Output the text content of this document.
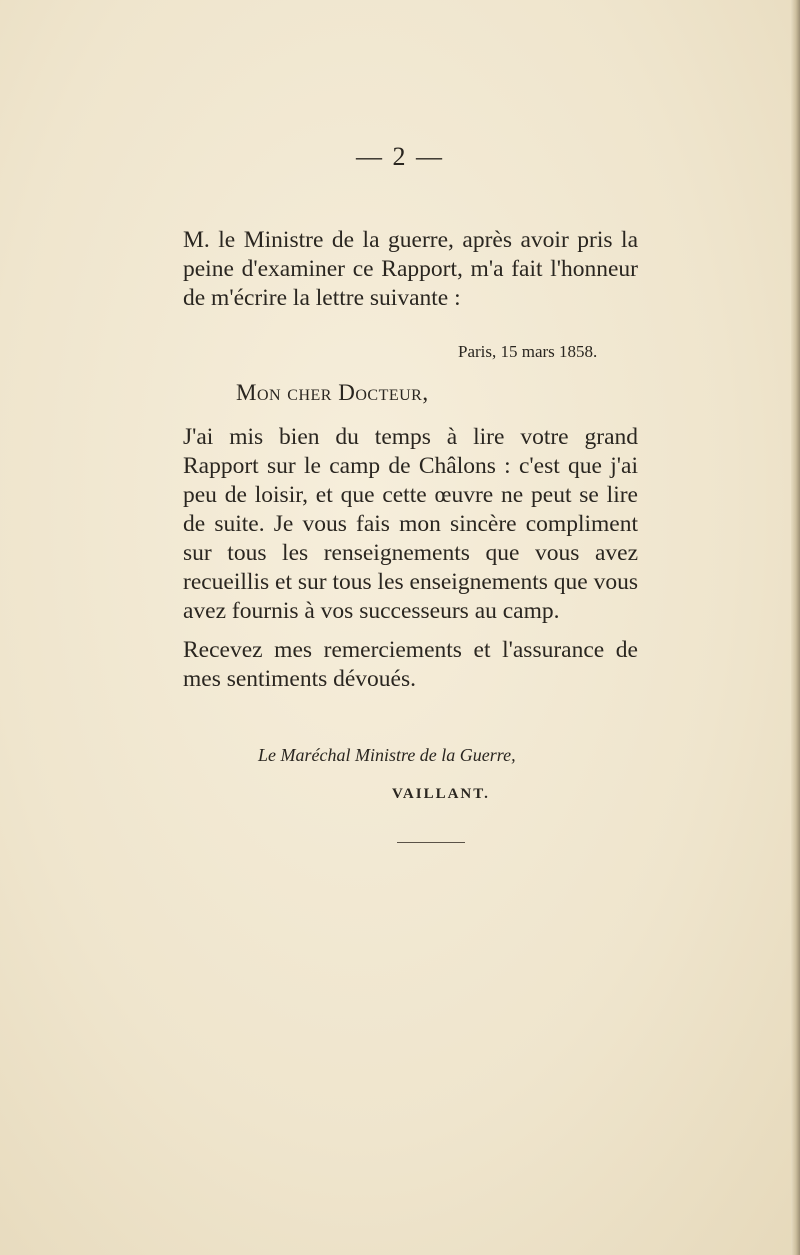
— 2 —

M. le Ministre de la guerre, après avoir pris la peine d'examiner ce Rapport, m'a fait l'honneur de m'écrire la lettre suivante :

Paris, 15 mars 1858.
Mon cher Docteur,

J'ai mis bien du temps à lire votre grand Rapport sur le camp de Châlons : c'est que j'ai peu de loisir, et que cette œuvre ne peut se lire de suite. Je vous fais mon sincère compliment sur tous les renseignements que vous avez recueillis et sur tous les enseignements que vous avez fournis à vos successeurs au camp.

Recevez mes remerciements et l'assurance de mes sentiments dévoués.

Le Maréchal Ministre de la Guerre,
VAILLANT.
